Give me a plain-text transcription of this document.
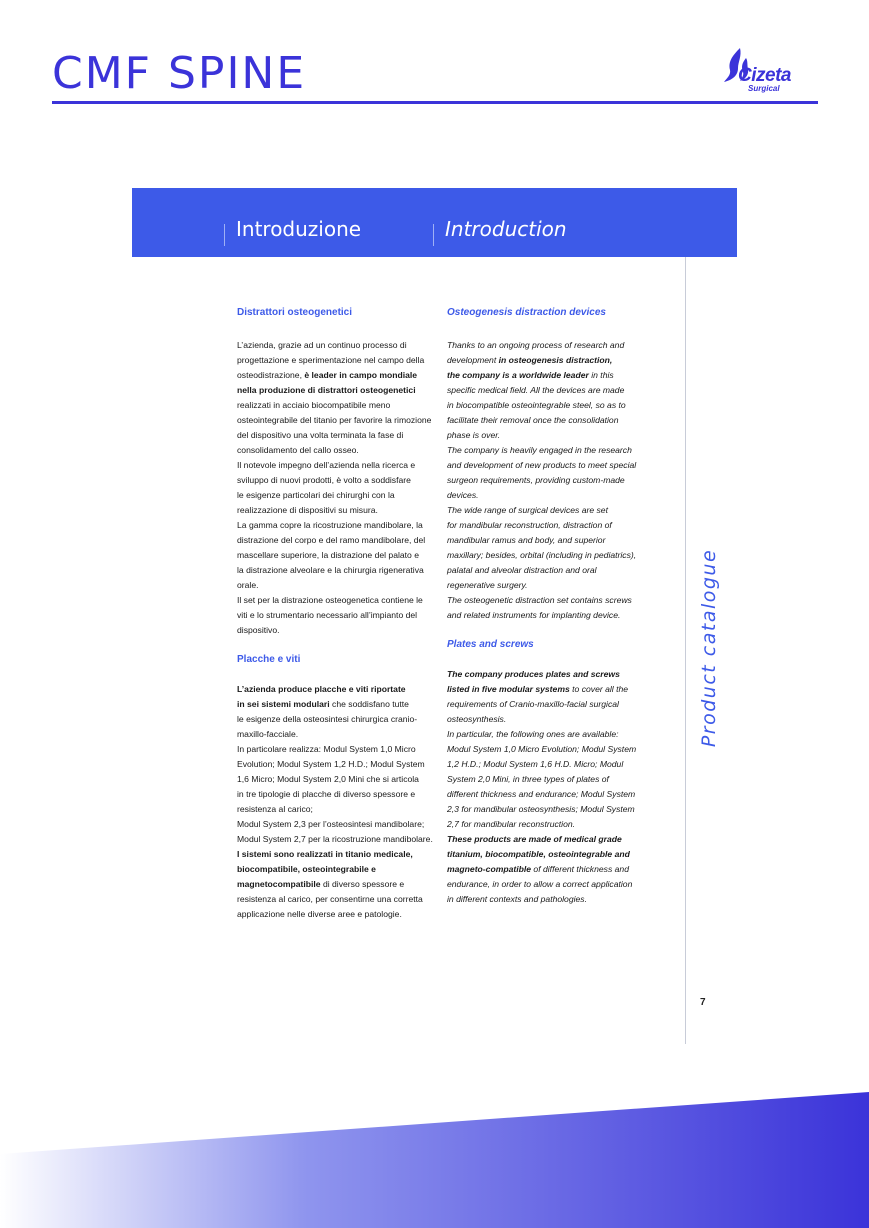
CMF SPINE	Cizeta
Surgical
Introduzione	Introduction
Product catalogue
7
Distrattori osteogenetici

L’azienda, grazie ad un continuo processo di
progettazione e sperimentazione nel campo della
osteodistrazione, è leader in campo mondiale
nella produzione di distrattori osteogenetici
realizzati in acciaio biocompatibile meno
osteointegrabile del titanio per favorire la rimozione
del dispositivo una volta terminata la fase di
consolidamento del callo osseo.
Il notevole impegno dell’azienda nella ricerca e
sviluppo di nuovi prodotti, è volto a soddisfare
le esigenze particolari dei chirurghi con la
realizzazione di dispositivi su misura.
La gamma copre la ricostruzione mandibolare, la
distrazione del corpo e del ramo mandibolare, del
mascellare superiore, la distrazione del palato e
la distrazione alveolare e la chirurgia rigenerativa
orale.
Il set per la distrazione osteogenetica contiene le
viti e lo strumentario necessario all’impianto del
dispositivo.

Placche e viti

L’azienda produce placche e viti riportate
in sei sistemi modulari che soddisfano tutte
le esigenze della osteosintesi chirurgica cranio-
maxillo-facciale.
In particolare realizza: Modul System 1,0 Micro
Evolution; Modul System 1,2 H.D.; Modul System
1,6 Micro; Modul System 2,0 Mini che si articola
in tre tipologie di placche di diverso spessore e
resistenza al carico;
Modul System 2,3 per l’osteosintesi mandibolare;
Modul System 2,7 per la ricostruzione mandibolare.
I sistemi sono realizzati in titanio medicale,
biocompatibile, osteointegrabile e
magnetocompatibile di diverso spessore e
resistenza al carico, per consentirne una corretta
applicazione nelle diverse aree e patologie.

Osteogenesis distraction devices

Thanks to an ongoing process of research and
development in osteogenesis distraction,
the company is a worldwide leader in this
specific medical field. All the devices are made
in biocompatible osteointegrable steel, so as to
facilitate their removal once the consolidation
phase is over.
The company is heavily engaged in the research
and development of new products to meet special
surgeon requirements, providing custom-made
devices.
The wide range of surgical devices are set
for mandibular reconstruction, distraction of
mandibular ramus and body, and superior
maxillary; besides, orbital (including in pediatrics),
palatal and alveolar distraction and oral
regenerative surgery.
The osteogenetic distraction set contains screws
and related instruments for implanting device.

Plates and screws

The company produces plates and screws
listed in five modular systems to cover all the
requirements of Cranio-maxillo-facial surgical
osteosynthesis.
In particular, the following ones are available:
Modul System 1,0 Micro Evolution; Modul System
1,2 H.D.; Modul System 1,6 H.D. Micro; Modul
System 2,0 Mini, in three types of plates of
different thickness and endurance; Modul System
2,3 for mandibular osteosynthesis; Modul System
2,7 for mandibular reconstruction.
These products are made of medical grade
titanium, biocompatible, osteointegrable and
magneto-compatible of different thickness and
endurance, in order to allow a correct application
in different contexts and pathologies.
